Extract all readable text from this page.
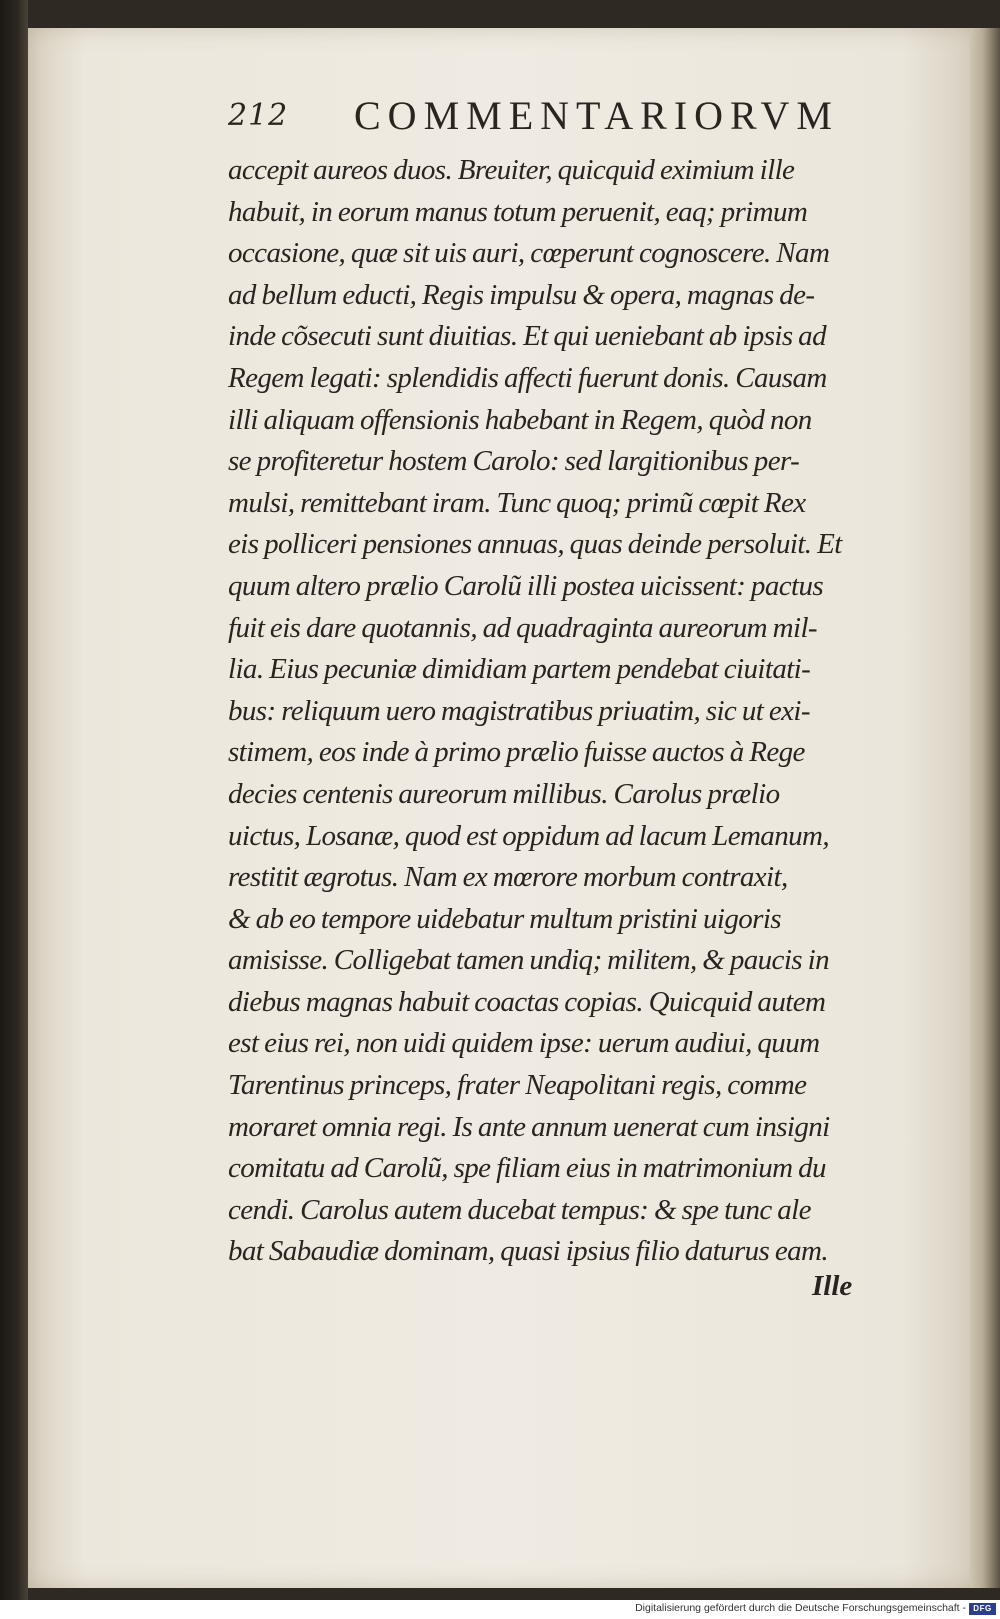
212 COMMENTARIORVM
accepit aureos duos. Breuiter, quicquid eximium ille
habuit, in eorum manus totum peruenit, eaq; primum
occasione, quæ sit uis auri, cœperunt cognoscere. Nam
ad bellum educti, Regis impulsu & opera, magnas de-
inde cõsecuti sunt diuitias. Et qui ueniebant ab ipsis ad
Regem legati: splendidis affecti fuerunt donis. Causam
illi aliquam offensionis habebant in Regem, quòd non
se profiteretur hostem Carolo: sed largitionibus per-
mulsi, remittebant iram. Tunc quoq; primũ cœpit Rex
eis polliceri pensiones annuas, quas deinde persoluit. Et
quum altero prælio Carolũ illi postea uicissent: pactus
fuit eis dare quotannis, ad quadraginta aureorum mil-
lia. Eius pecuniæ dimidiam partem pendebat ciuitati-
bus: reliquum uero magistratibus priuatim, sic ut exi-
stimem, eos inde à primo prælio fuisse auctos à Rege
decies centenis aureorum millibus. Carolus prælio
uictus, Losanæ, quod est oppidum ad lacum Lemanum,
restitit ægrotus. Nam ex mœrore morbum contraxit,
& ab eo tempore uidebatur multum pristini uigoris
amisisse. Colligebat tamen undiq; militem, & paucis in
diebus magnas habuit coactas copias. Quicquid autem
est eius rei, non uidi quidem ipse: uerum audiui, quum
Tarentinus princeps, frater Neapolitani regis, comme
moraret omnia regi. Is ante annum uenerat cum insigni
comitatu ad Carolũ, spe filiam eius in matrimonium du
cendi. Carolus autem ducebat tempus: & spe tunc ale
bat Sabaudiæ dominam, quasi ipsius filio daturus eam.
Ille
Digitalisierung gefördert durch die Deutsche Forschungsgemeinschaft - DFG
